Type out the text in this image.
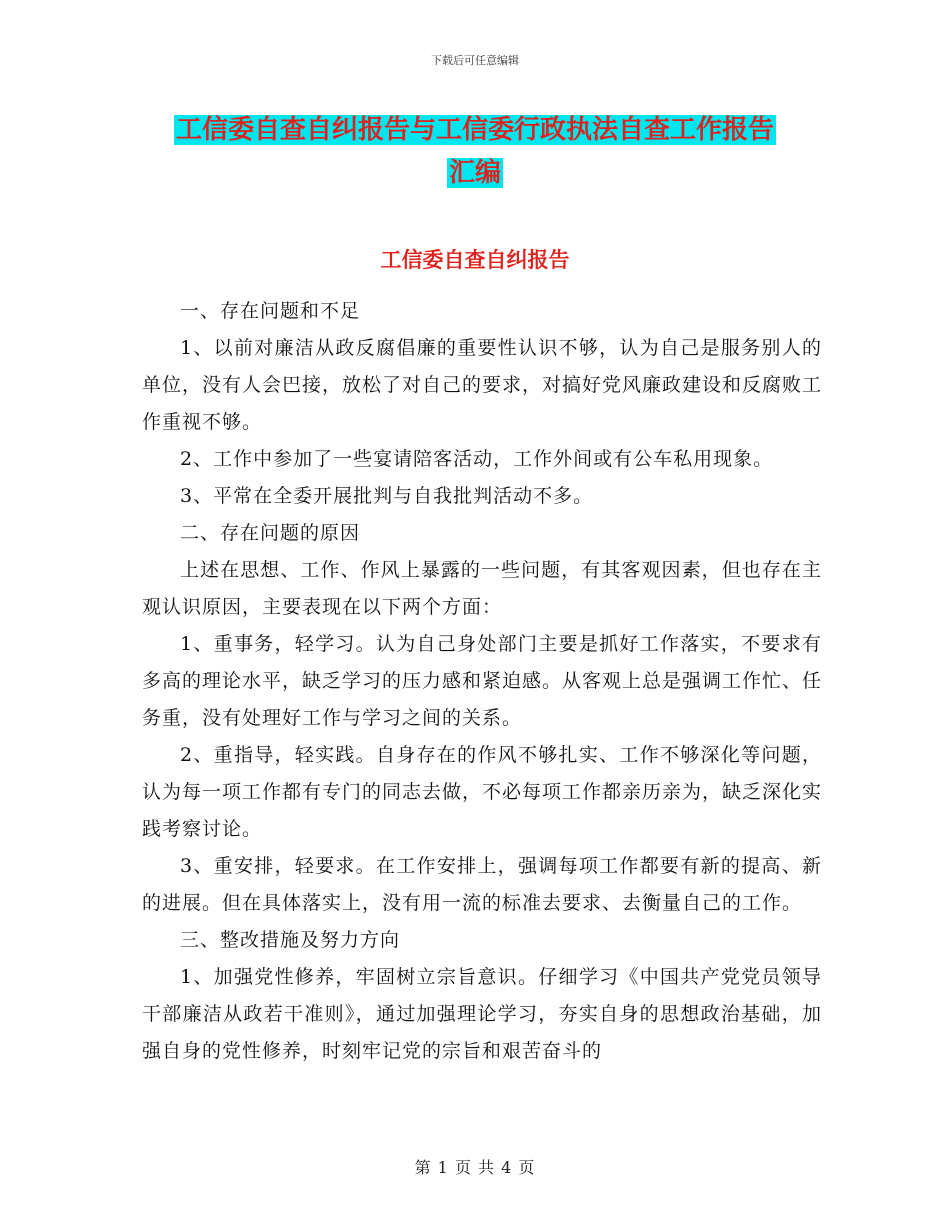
下载后可任意编辑
工信委自查自纠报告与工信委行政执法自查工作报告
汇编
工信委自查自纠报告

一、存在问题和不足

1、以前对廉洁从政反腐倡廉的重要性认识不够，认为自己是服务别人的单位，没有人会巴接，放松了对自己的要求，对搞好党风廉政建设和反腐败工作重视不够。

2、工作中参加了一些宴请陪客活动，工作外间或有公车私用现象。

3、平常在全委开展批判与自我批判活动不多。

二、存在问题的原因

上述在思想、工作、作风上暴露的一些问题，有其客观因素，但也存在主观认识原因，主要表现在以下两个方面：

1、重事务，轻学习。认为自己身处部门主要是抓好工作落实，不要求有多高的理论水平，缺乏学习的压力感和紧迫感。从客观上总是强调工作忙、任务重，没有处理好工作与学习之间的关系。

2、重指导，轻实践。自身存在的作风不够扎实、工作不够深化等问题，认为每一项工作都有专门的同志去做，不必每项工作都亲历亲为，缺乏深化实践考察讨论。

3、重安排，轻要求。在工作安排上，强调每项工作都要有新的提高、新的进展。但在具体落实上，没有用一流的标准去要求、去衡量自己的工作。

三、整改措施及努力方向

1、加强党性修养，牢固树立宗旨意识。仔细学习《中国共产党党员领导干部廉洁从政若干准则》，通过加强理论学习，夯实自身的思想政治基础，加强自身的党性修养，时刻牢记党的宗旨和艰苦奋斗的

第 1 页 共 4 页
